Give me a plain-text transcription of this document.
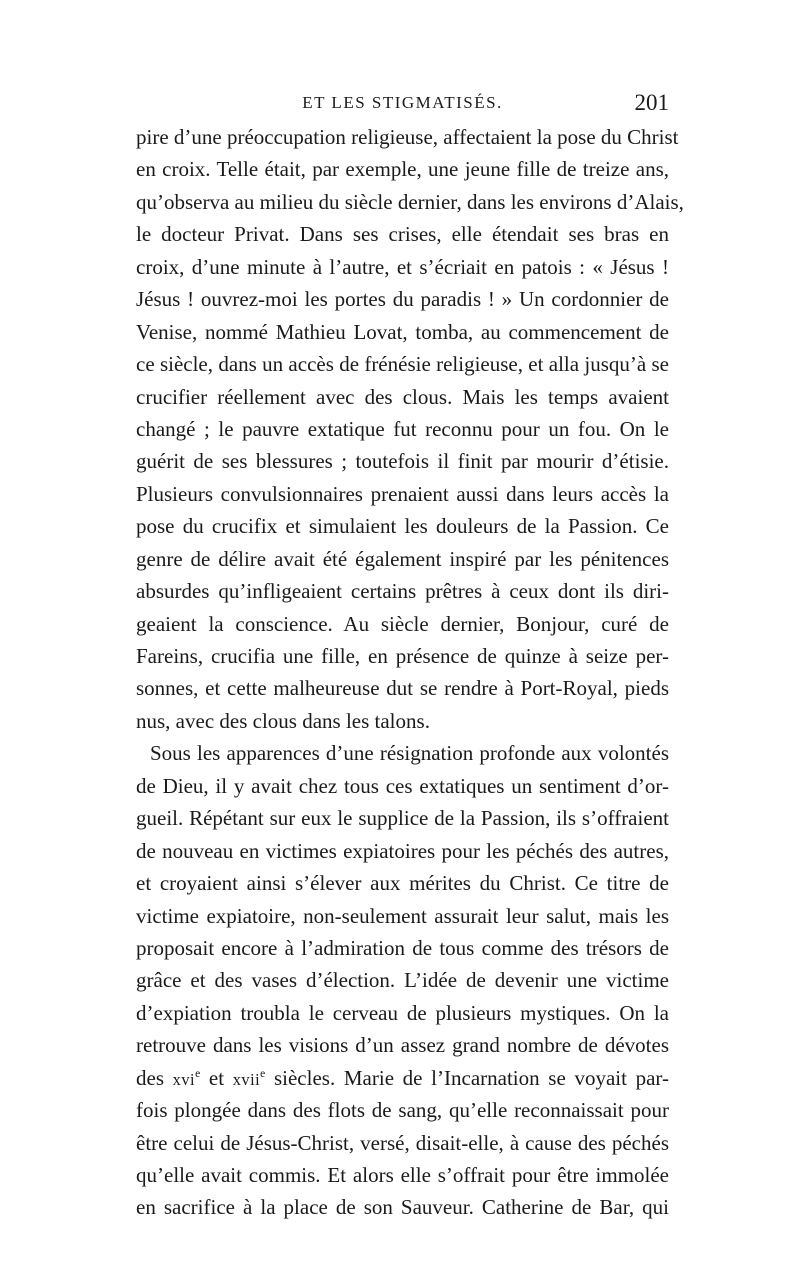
ET LES STIGMATISÉS.	201
pire d’une préoccupation religieuse, affectaient la pose du Christ
en croix. Telle était, par exemple, une jeune fille de treize ans,
qu’observa au milieu du siècle dernier, dans les environs d’Alais,
le docteur Privat. Dans ses crises, elle étendait ses bras en
croix, d’une minute à l’autre, et s’écriait en patois : « Jésus !
Jésus ! ouvrez-moi les portes du paradis ! » Un cordonnier de
Venise, nommé Mathieu Lovat, tomba, au commencement de
ce siècle, dans un accès de frénésie religieuse, et alla jusqu’à se
crucifier réellement avec des clous. Mais les temps avaient
changé ; le pauvre extatique fut reconnu pour un fou. On le
guérit de ses blessures ; toutefois il finit par mourir d’étisie.
Plusieurs convulsionnaires prenaient aussi dans leurs accès la
pose du crucifix et simulaient les douleurs de la Passion. Ce
genre de délire avait été également inspiré par les pénitences
absurdes qu’infligeaient certains prêtres à ceux dont ils diri-
geaient la conscience. Au siècle dernier, Bonjour, curé de
Fareins, crucifia une fille, en présence de quinze à seize per-
sonnes, et cette malheureuse dut se rendre à Port-Royal, pieds
nus, avec des clous dans les talons.
Sous les apparences d’une résignation profonde aux volontés
de Dieu, il y avait chez tous ces extatiques un sentiment d’or-
gueil. Répétant sur eux le supplice de la Passion, ils s’offraient
de nouveau en victimes expiatoires pour les péchés des autres,
et croyaient ainsi s’élever aux mérites du Christ. Ce titre de
victime expiatoire, non-seulement assurait leur salut, mais les
proposait encore à l’admiration de tous comme des trésors de
grâce et des vases d’élection. L’idée de devenir une victime
d’expiation troubla le cerveau de plusieurs mystiques. On la
retrouve dans les visions d’un assez grand nombre de dévotes
des xvi$^e$ et xvii$^e$ siècles. Marie de l’Incarnation se voyait par-
fois plongée dans des flots de sang, qu’elle reconnaissait pour
être celui de Jésus-Christ, versé, disait-elle, à cause des péchés
qu’elle avait commis. Et alors elle s’offrait pour être immolée
en sacrifice à la place de son Sauveur. Catherine de Bar, qui
